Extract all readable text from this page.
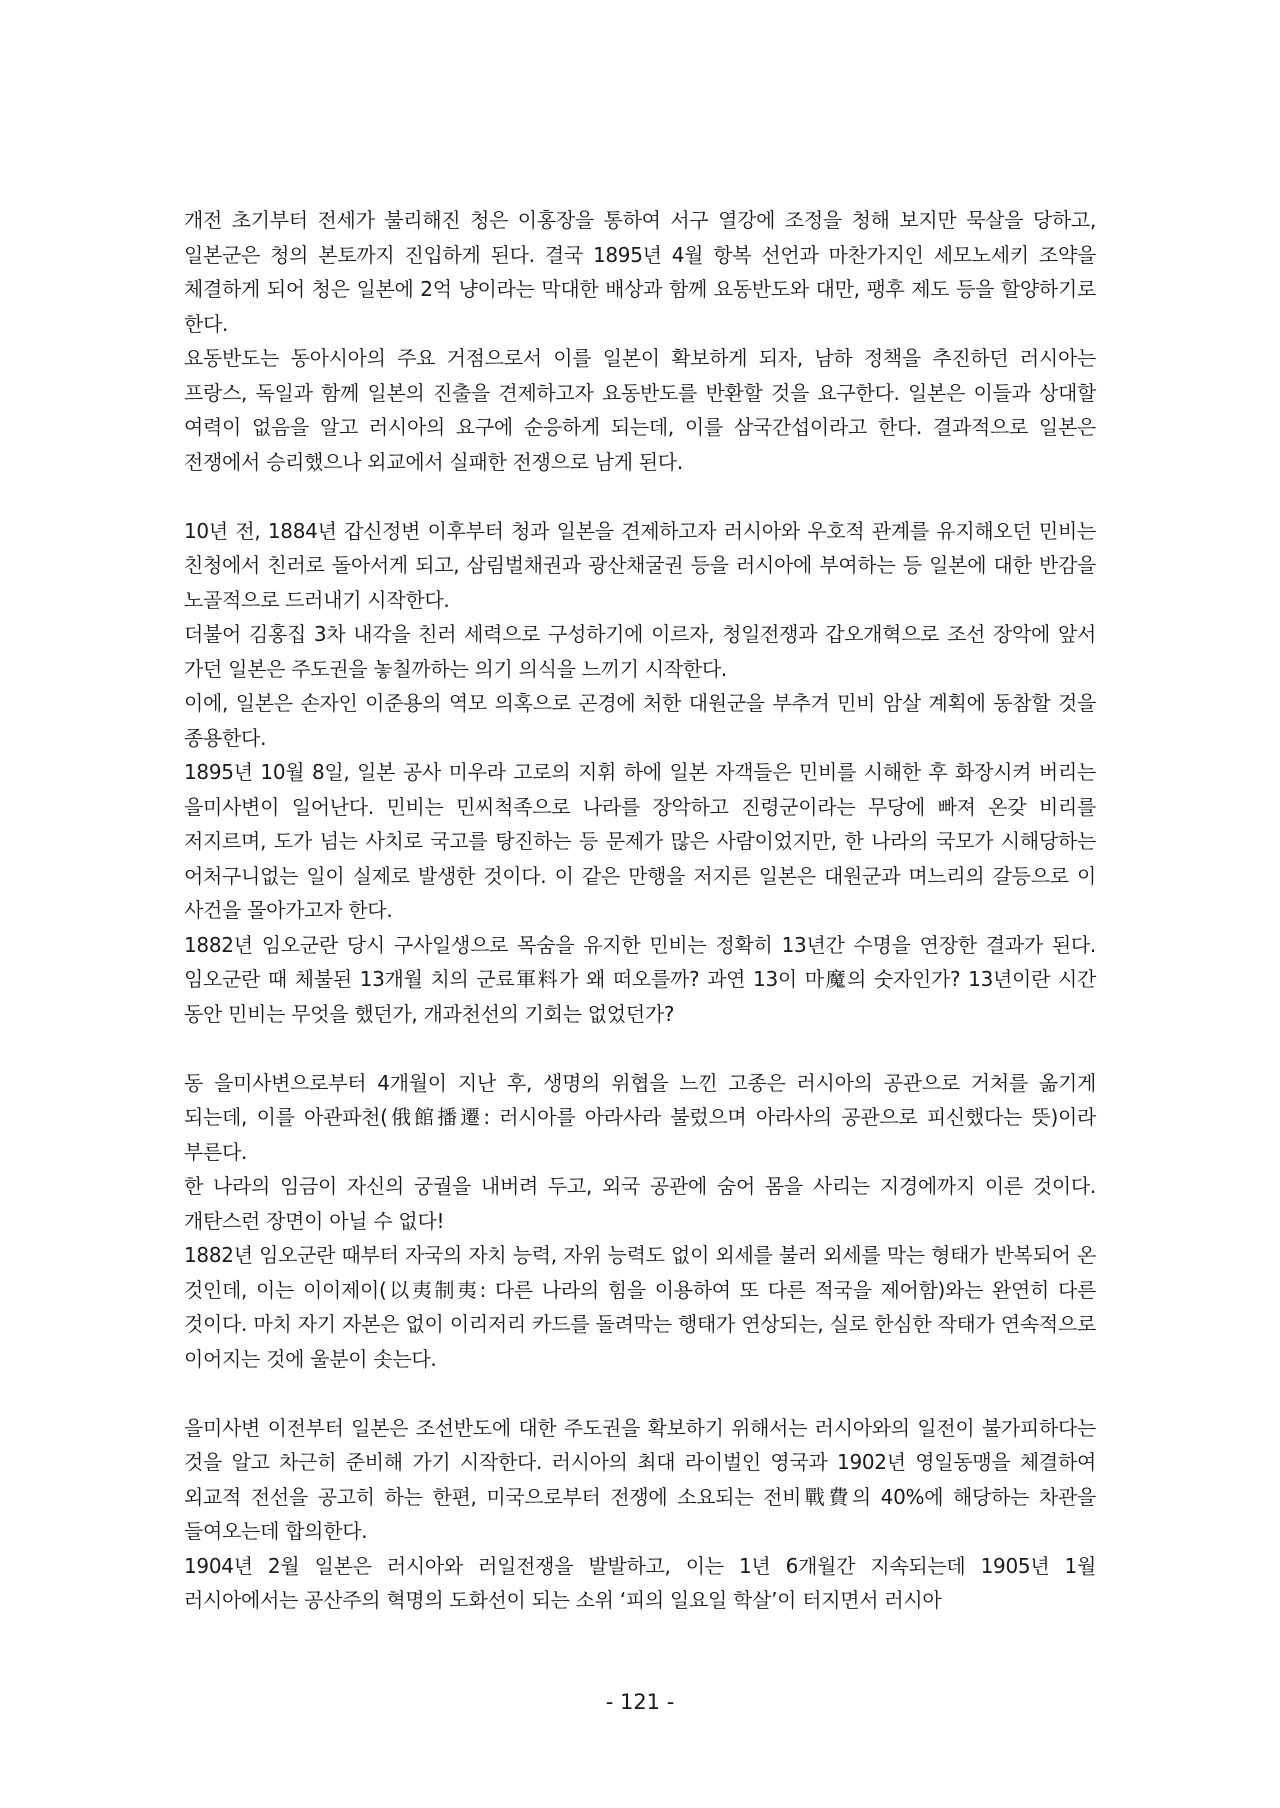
개전 초기부터 전세가 불리해진 청은 이홍장을 통하여 서구 열강에 조정을 청해 보지만 묵살을 당하고, 일본군은 청의 본토까지 진입하게 된다. 결국 1895년 4월 항복 선언과 마찬가지인 세모노세키 조약을 체결하게 되어 청은 일본에 2억 냥이라는 막대한 배상과 함께 요동반도와 대만, 팽후 제도 등을 할양하기로 한다.

요동반도는 동아시아의 주요 거점으로서 이를 일본이 확보하게 되자, 남하 정책을 추진하던 러시아는 프랑스, 독일과 함께 일본의 진출을 견제하고자 요동반도를 반환할 것을 요구한다. 일본은 이들과 상대할 여력이 없음을 알고 러시아의 요구에 순응하게 되는데, 이를 삼국간섭이라고 한다. 결과적으로 일본은 전쟁에서 승리했으나 외교에서 실패한 전쟁으로 남게 된다.

10년 전, 1884년 갑신정변 이후부터 청과 일본을 견제하고자 러시아와 우호적 관계를 유지해오던 민비는 친청에서 친러로 돌아서게 되고, 삼림벌채권과 광산채굴권 등을 러시아에 부여하는 등 일본에 대한 반감을 노골적으로 드러내기 시작한다.

더불어 김홍집 3차 내각을 친러 세력으로 구성하기에 이르자, 청일전쟁과 갑오개혁으로 조선 장악에 앞서 가던 일본은 주도권을 놓칠까하는 의기 의식을 느끼기 시작한다.

이에, 일본은 손자인 이준용의 역모 의혹으로 곤경에 처한 대원군을 부추겨 민비 암살 계획에 동참할 것을 종용한다.

1895년 10월 8일, 일본 공사 미우라 고로의 지휘 하에 일본 자객들은 민비를 시해한 후 화장시켜 버리는 을미사변이 일어난다. 민비는 민씨척족으로 나라를 장악하고 진령군이라는 무당에 빠져 온갖 비리를 저지르며, 도가 넘는 사치로 국고를 탕진하는 등 문제가 많은 사람이었지만, 한 나라의 국모가 시해당하는 어처구니없는 일이 실제로 발생한 것이다. 이 같은 만행을 저지른 일본은 대원군과 며느리의 갈등으로 이 사건을 몰아가고자 한다.

1882년 임오군란 당시 구사일생으로 목숨을 유지한 민비는 정확히 13년간 수명을 연장한 결과가 된다. 임오군란 때 체불된 13개월 치의 군료軍料가 왜 떠오를까? 과연 13이 마魔의 숫자인가? 13년이란 시간 동안 민비는 무엇을 했던가, 개과천선의 기회는 없었던가?

동 을미사변으로부터 4개월이 지난 후, 생명의 위협을 느낀 고종은 러시아의 공관으로 거처를 옮기게 되는데, 이를 아관파천(俄館播遷: 러시아를 아라사라 불렀으며 아라사의 공관으로 피신했다는 뜻)이라 부른다.

한 나라의 임금이 자신의 궁궐을 내버려 두고, 외국 공관에 숨어 몸을 사리는 지경에까지 이른 것이다. 개탄스런 장면이 아닐 수 없다!

1882년 임오군란 때부터 자국의 자치 능력, 자위 능력도 없이 외세를 불러 외세를 막는 형태가 반복되어 온 것인데, 이는 이이제이(以夷制夷: 다른 나라의 힘을 이용하여 또 다른 적국을 제어함)와는 완연히 다른 것이다. 마치 자기 자본은 없이 이리저리 카드를 돌려막는 행태가 연상되는, 실로 한심한 작태가 연속적으로 이어지는 것에 울분이 솟는다.

을미사변 이전부터 일본은 조선반도에 대한 주도권을 확보하기 위해서는 러시아와의 일전이 불가피하다는 것을 알고 차근히 준비해 가기 시작한다. 러시아의 최대 라이벌인 영국과 1902년 영일동맹을 체결하여 외교적 전선을 공고히 하는 한편, 미국으로부터 전쟁에 소요되는 전비戰費의 40%에 해당하는 차관을 들여오는데 합의한다.

1904년 2월 일본은 러시아와 러일전쟁을 발발하고, 이는 1년 6개월간 지속되는데 1905년 1월 러시아에서는 공산주의 혁명의 도화선이 되는 소위 ‘피의 일요일 학살’이 터지면서 러시아

- 121 -
